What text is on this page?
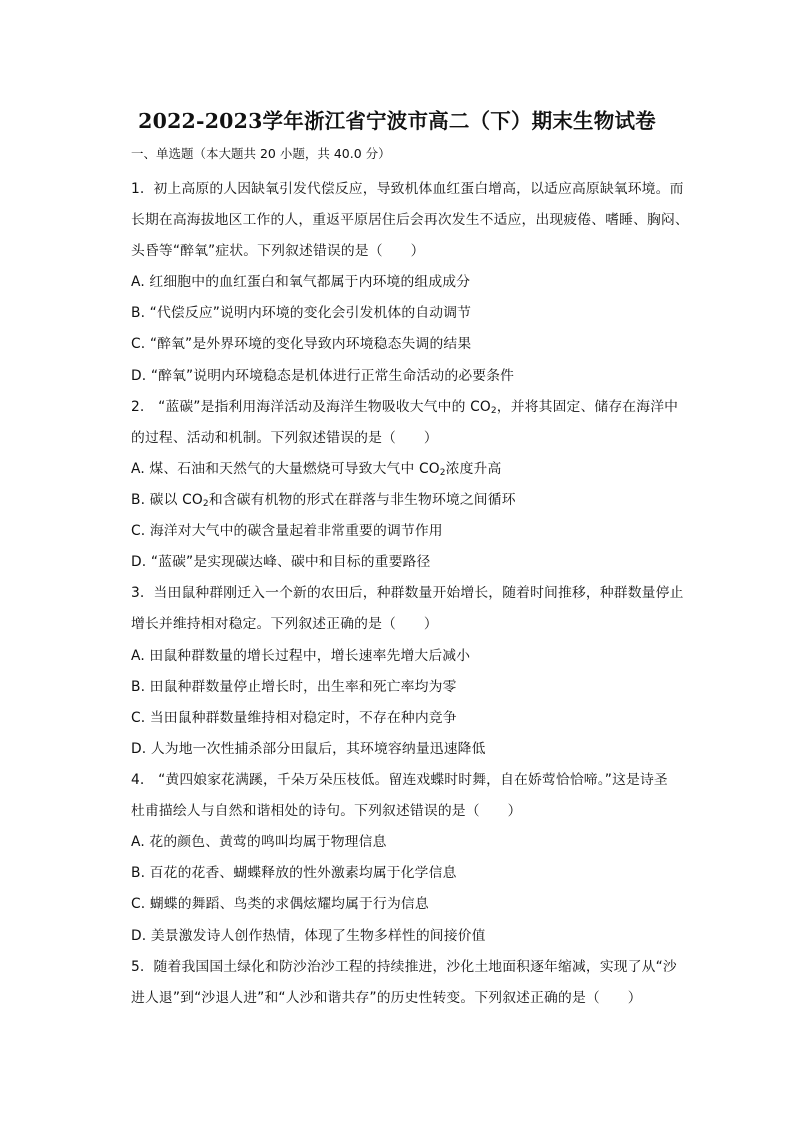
2022-2023学年浙江省宁波市高二（下）期末生物试卷
一、单选题（本大题共 20 小题，共 40.0 分）
1. 初上高原的人因缺氧引发代偿反应，导致机体血红蛋白增高，以适应高原缺氧环境。而
长期在高海拔地区工作的人，重返平原居住后会再次发生不适应，出现疲倦、嗜睡、胸闷、
头昏等“醉氧”症状。下列叙述错误的是（　　）
A. 红细胞中的血红蛋白和氧气都属于内环境的组成成分
B. “代偿反应”说明内环境的变化会引发机体的自动调节
C. “醉氧”是外界环境的变化导致内环境稳态失调的结果
D. “醉氧”说明内环境稳态是机体进行正常生命活动的必要条件
2. “蓝碳”是指利用海洋活动及海洋生物吸收大气中的 $CO_2$，并将其固定、储存在海洋中
的过程、活动和机制。下列叙述错误的是（　　）
A. 煤、石油和天然气的大量燃烧可导致大气中 $CO_2$浓度升高
B. 碳以 $CO_2$和含碳有机物的形式在群落与非生物环境之间循环
C. 海洋对大气中的碳含量起着非常重要的调节作用
D. “蓝碳”是实现碳达峰、碳中和目标的重要路径
3. 当田鼠种群刚迁入一个新的农田后，种群数量开始增长，随着时间推移，种群数量停止
增长并维持相对稳定。下列叙述正确的是（　　）
A. 田鼠种群数量的增长过程中，增长速率先增大后减小
B. 田鼠种群数量停止增长时，出生率和死亡率均为零
C. 当田鼠种群数量维持相对稳定时，不存在种内竞争
D. 人为地一次性捕杀部分田鼠后，其环境容纳量迅速降低
4. “黄四娘家花满蹊，千朵万朵压枝低。留连戏蝶时时舞，自在娇莺恰恰啼。”这是诗圣
杜甫描绘人与自然和谐相处的诗句。下列叙述错误的是（　　）
A. 花的颜色、黄莺的鸣叫均属于物理信息
B. 百花的花香、蝴蝶释放的性外激素均属于化学信息
C. 蝴蝶的舞蹈、鸟类的求偶炫耀均属于行为信息
D. 美景激发诗人创作热情，体现了生物多样性的间接价值
5. 随着我国国土绿化和防沙治沙工程的持续推进，沙化土地面积逐年缩减，实现了从“沙
进人退”到“沙退人进”和“人沙和谐共存”的历史性转变。下列叙述正确的是（　　）
